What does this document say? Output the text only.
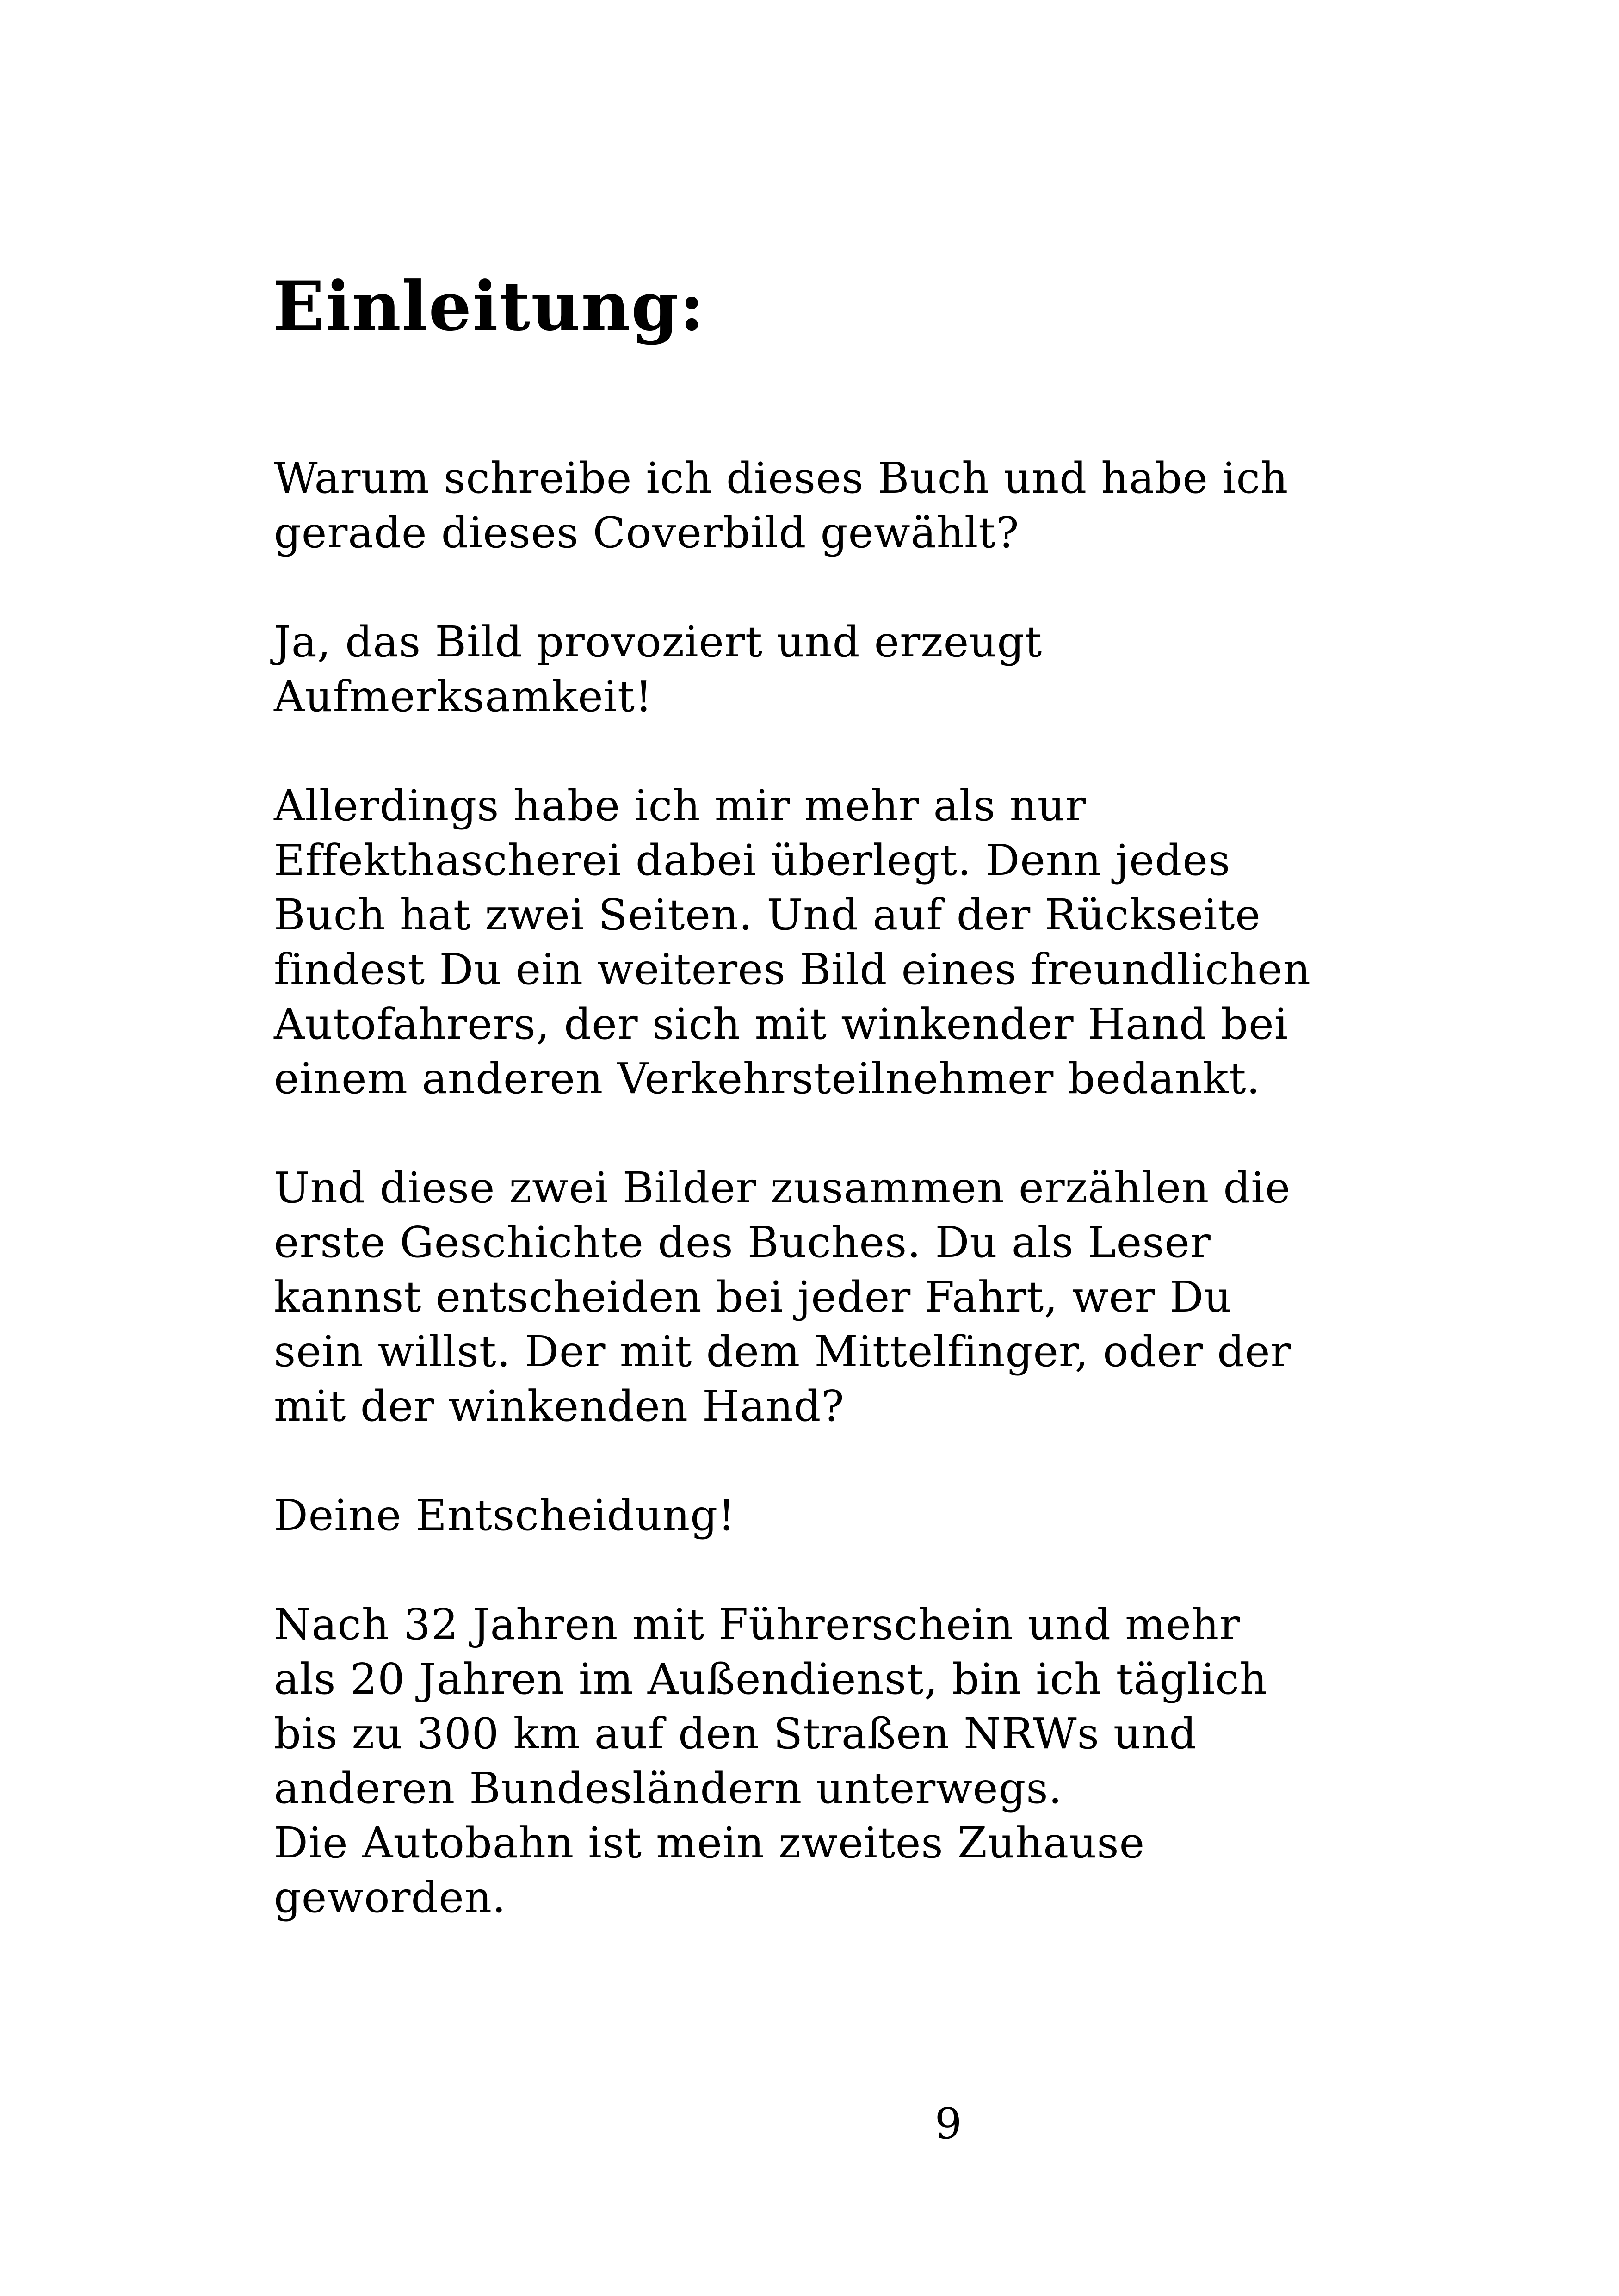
Einleitung:

Warum schreibe ich dieses Buch und habe ich
gerade dieses Coverbild gewählt?

Ja, das Bild provoziert und erzeugt
Aufmerksamkeit!

Allerdings habe ich mir mehr als nur
Effekthascherei dabei überlegt. Denn jedes
Buch hat zwei Seiten. Und auf der Rückseite
findest Du ein weiteres Bild eines freundlichen
Autofahrers, der sich mit winkender Hand bei
einem anderen Verkehrsteilnehmer bedankt.

Und diese zwei Bilder zusammen erzählen die
erste Geschichte des Buches. Du als Leser
kannst entscheiden bei jeder Fahrt, wer Du
sein willst. Der mit dem Mittelfinger, oder der
mit der winkenden Hand?

Deine Entscheidung!

Nach 32 Jahren mit Führerschein und mehr
als 20 Jahren im Außendienst, bin ich täglich
bis zu 300 km auf den Straßen NRWs und
anderen Bundesländern unterwegs.
Die Autobahn ist mein zweites Zuhause
geworden.

9
